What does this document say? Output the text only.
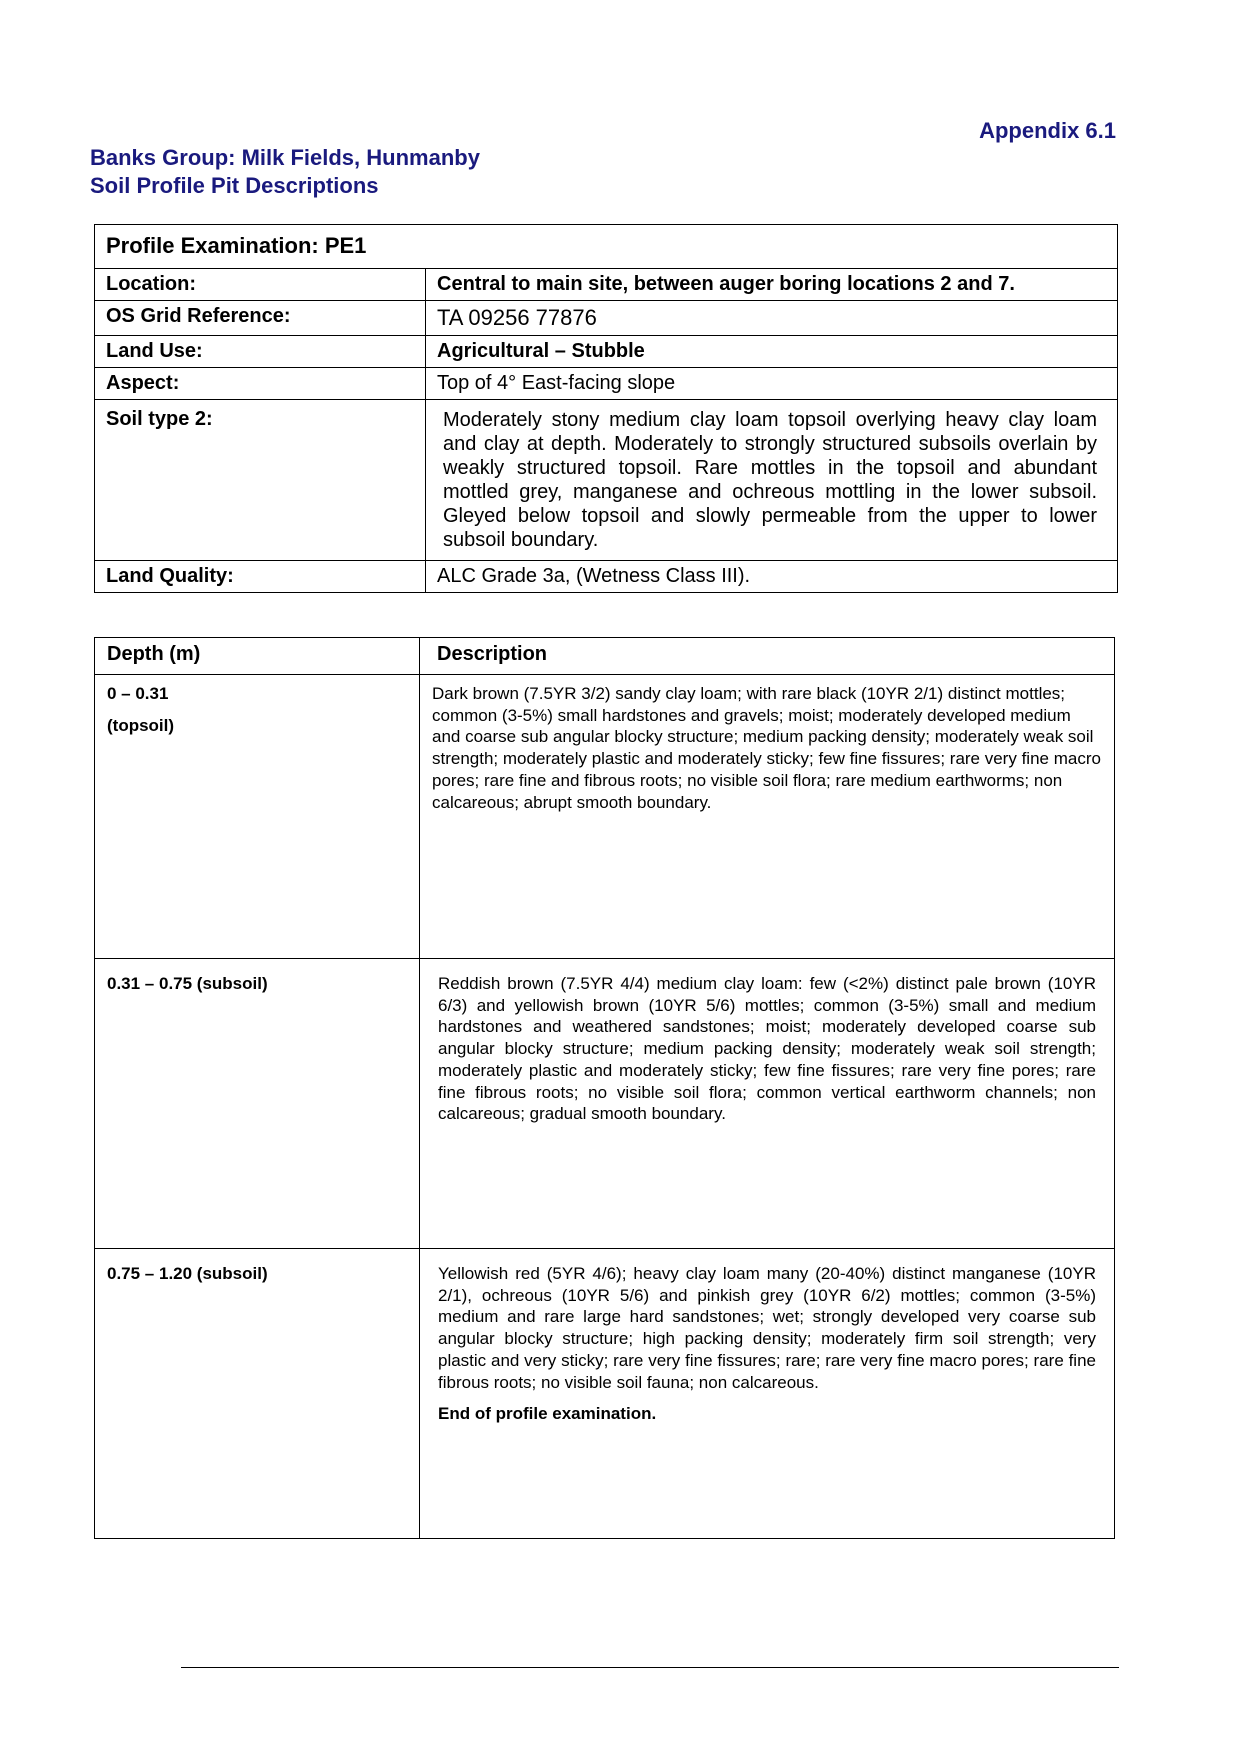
Appendix 6.1
Banks Group: Milk Fields, Hunmanby
Soil Profile Pit Descriptions
Profile Examination: PE1	
Location:	Central to main site, between auger boring locations 2 and 7.
OS Grid Reference:	TA 09256 77876
Land Use:	Agricultural – Stubble
Aspect:	Top of 4° East-facing slope
Soil type 2:	Moderately stony medium clay loam topsoil overlying heavy clay loam and clay at depth. Moderately to strongly structured subsoils overlain by weakly structured topsoil. Rare mottles in the topsoil and abundant mottled grey, manganese and ochreous mottling in the lower subsoil. Gleyed below topsoil and slowly permeable from the upper to lower subsoil boundary.
Land Quality:	ALC Grade 3a, (Wetness Class III).
Depth (m)	Description

0 – 0.31
(topsoil)	Dark brown (7.5YR 3/2) sandy clay loam; with rare black (10YR 2/1) distinct mottles; common (3-5%) small hardstones and gravels; moist; moderately developed medium and coarse sub angular blocky structure; medium packing density; moderately weak soil strength; moderately plastic and moderately sticky; few fine fissures; rare very fine macro pores; rare fine and fibrous roots; no visible soil flora; rare medium earthworms; non calcareous; abrupt smooth boundary.
0.31 – 0.75 (subsoil)	Reddish brown (7.5YR 4/4) medium clay loam: few (<2%) distinct pale brown (10YR 6/3) and yellowish brown (10YR 5/6) mottles; common (3-5%) small and medium hardstones and weathered sandstones; moist; moderately developed coarse sub angular blocky structure; medium packing density; moderately weak soil strength; moderately plastic and moderately sticky; few fine fissures; rare very fine pores; rare fine fibrous roots; no visible soil flora; common vertical earthworm channels; non calcareous; gradual smooth boundary.
0.75 – 1.20 (subsoil)	Yellowish red (5YR 4/6); heavy clay loam many (20-40%) distinct manganese (10YR 2/1), ochreous (10YR 5/6) and pinkish grey (10YR 6/2) mottles; common (3-5%) medium and rare large hard sandstones; wet; strongly developed very coarse sub angular blocky structure; high packing density; moderately firm soil strength; very plastic and very sticky; rare very fine fissures; rare; rare very fine macro pores; rare fine fibrous roots; no visible soil fauna; non calcareous.
End of profile examination.
